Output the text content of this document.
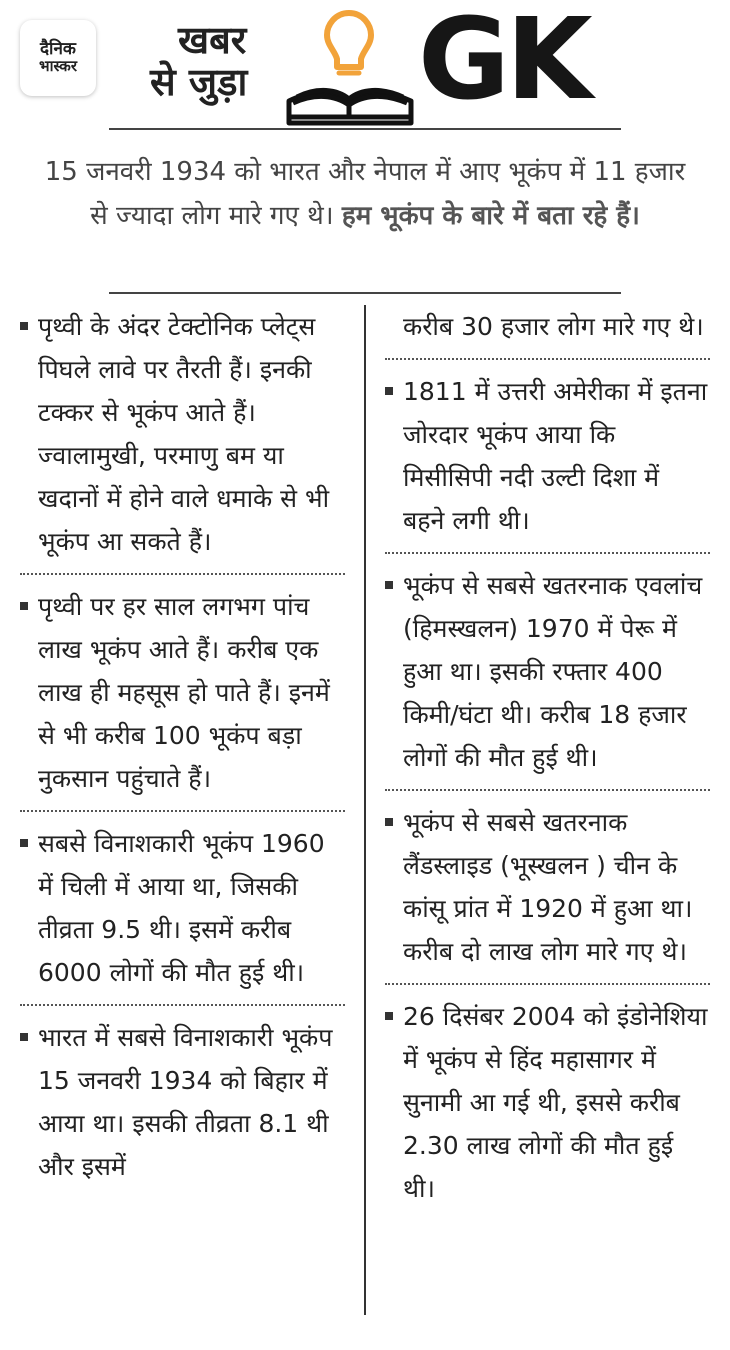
दैनिक
भास्कर
खबर
से जुड़ा	GK
15 जनवरी 1934 को भारत और नेपाल में आए भूकंप में 11 हजार से ज्यादा लोग मारे गए थे। हम भूकंप के बारे में बता रहे हैं।
पृथ्वी के अंदर टेक्टोनिक प्लेट्स पिघले लावे पर तैरती हैं। इनकी टक्कर से भूकंप आते हैं। ज्वालामुखी, परमाणु बम या खदानों में होने वाले धमाके से भी भूकंप आ सकते हैं।
पृथ्वी पर हर साल लगभग पांच लाख भूकंप आते हैं। करीब एक लाख ही महसूस हो पाते हैं। इनमें से भी करीब 100 भूकंप बड़ा नुकसान पहुंचाते हैं।
सबसे विनाशकारी भूकंप 1960 में चिली में आया था, जिसकी तीव्रता 9.5 थी। इसमें करीब 6000 लोगों की मौत हुई थी।
भारत में सबसे विनाशकारी भूकंप 15 जनवरी 1934 को बिहार में आया था। इसकी तीव्रता 8.1 थी और इसमें
करीब 30 हजार लोग मारे गए थे।
1811 में उत्तरी अमेरीका में इतना जोरदार भूकंप आया कि मिसीसिपी नदी उल्टी दिशा में बहने लगी थी।
भूकंप से सबसे खतरनाक एवलांच (हिमस्खलन) 1970 में पेरू में हुआ था। इसकी रफ्तार 400 किमी/घंटा थी। करीब 18 हजार लोगों की मौत हुई थी।
भूकंप से सबसे खतरनाक लैंडस्लाइड (भूस्खलन ) चीन के कांसू प्रांत में 1920 में हुआ था। करीब दो लाख लोग मारे गए थे।
26 दिसंबर 2004 को इंडोनेशिया में भूकंप से हिंद महासागर में सुनामी आ गई थी, इससे करीब 2.30 लाख लोगों की मौत हुई थी।
